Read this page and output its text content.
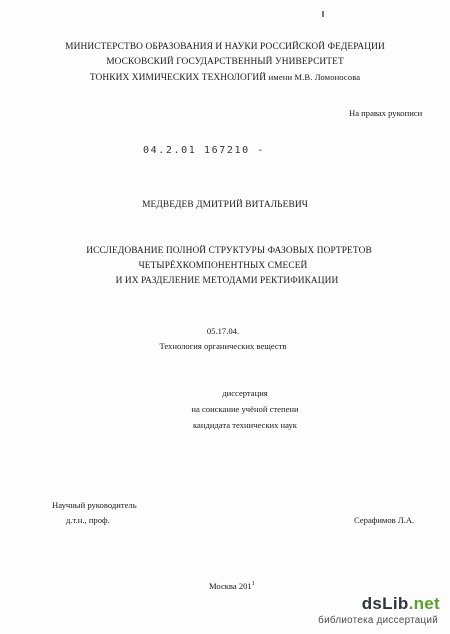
МИНИСТЕРСТВО ОБРАЗОВАНИЯ И НАУКИ РОССИЙСКОЙ ФЕДЕРАЦИИ
МОСКОВСКИЙ ГОСУДАРСТВЕННЫЙ УНИВЕРСИТЕТ
ТОНКИХ ХИМИЧЕСКИХ ТЕХНОЛОГИЙ имени М.В. Ломоносова
На правах рукописи
04.2.01 167210 -
МЕДВЕДЕВ ДМИТРИЙ ВИТАЛЬЕВИЧ
ИССЛЕДОВАНИЕ ПОЛНОЙ СТРУКТУРЫ ФАЗОВЫХ ПОРТРЕТОВ
ЧЕТЫРЁХКОМПОНЕНТНЫХ СМЕСЕЙ
И ИХ РАЗДЕЛЕНИЕ МЕТОДАМИ РЕКТИФИКАЦИИ
05.17.04.
Технология органических веществ
диссертация
на соискание учёной степени
кандидата технических наук
Научный руководитель
д.т.н., проф.	Серафимов Л.А.
Москва $201^1$
dsLib.net
библиотека диссертаций
